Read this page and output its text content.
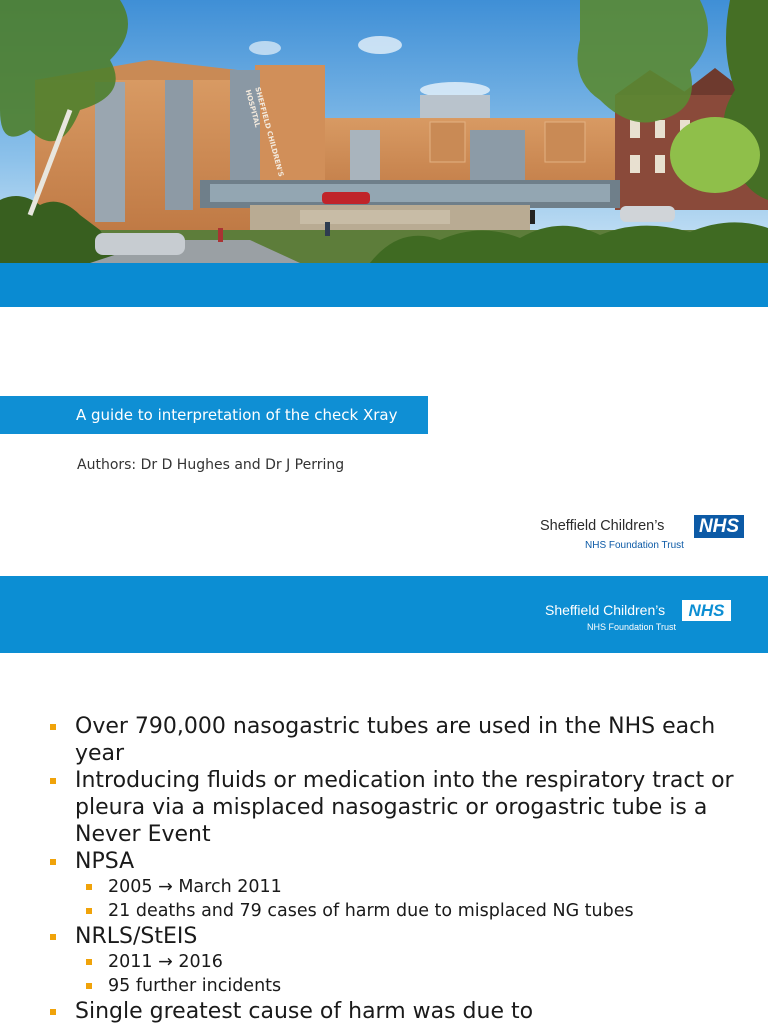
SHEFFIELD CHILDREN'S HOSPITAL
A guide to interpretation of the check Xray
Authors: Dr D Hughes and Dr J Perring
Sheffield Children’s NHS
NHS Foundation Trust
Sheffield Children’s	NHS
NHS Foundation Trust
Over 790,000 nasogastric tubes are used in the NHS each year
Introducing fluids or medication into the respiratory tract or pleura via a misplaced nasogastric or orogastric tube is a Never Event
NPSA
2005 → March 2011
21 deaths and 79 cases of harm due to misplaced NG tubes
NRLS/StEIS
2011 → 2016
95 further incidents
Single greatest cause of harm was due to
